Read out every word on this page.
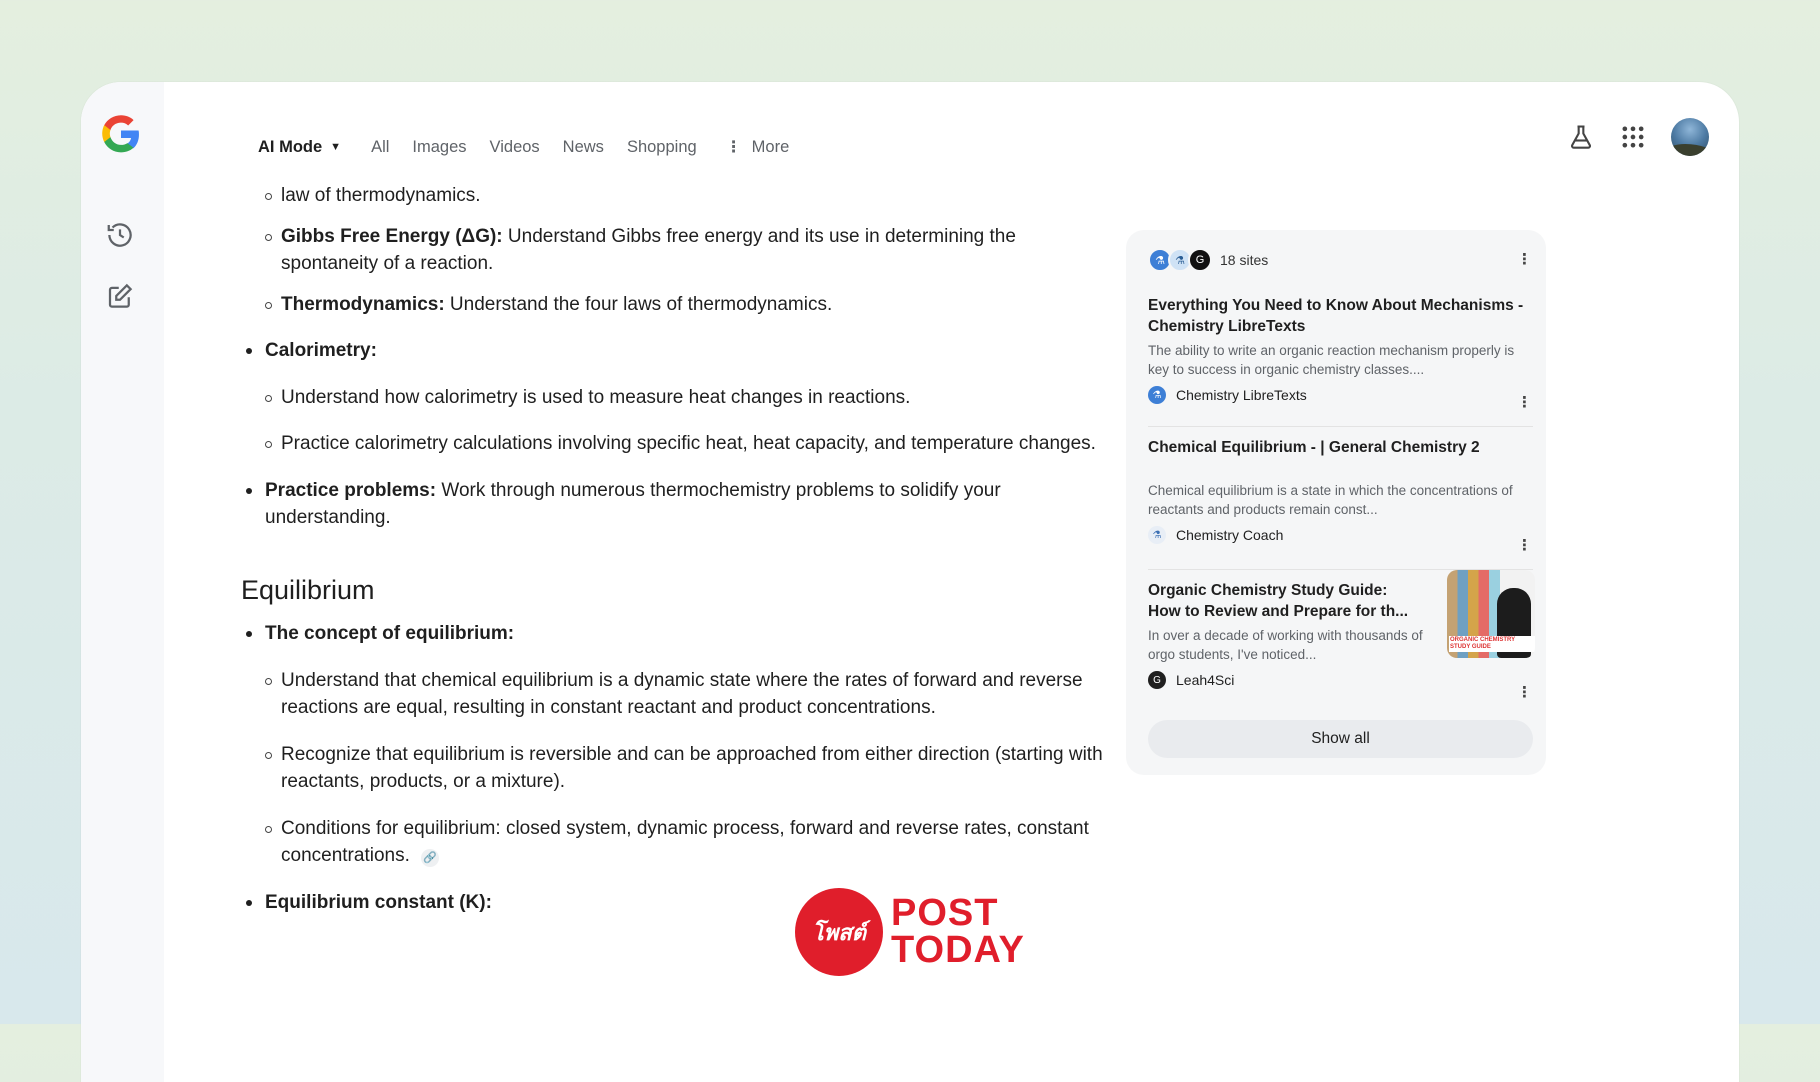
AI Mode ▼ All Images Videos News Shopping ⋮ More

law of thermodynamics.

Gibbs Free Energy (ΔG): Understand Gibbs free energy and its use in determining the spontaneity of a reaction.

Thermodynamics: Understand the four laws of thermodynamics.

Calorimetry:

Understand how calorimetry is used to measure heat changes in reactions.

Practice calorimetry calculations involving specific heat, heat capacity, and temperature changes.

Practice problems: Work through numerous thermochemistry problems to solidify your understanding.

Equilibrium

The concept of equilibrium:

Understand that chemical equilibrium is a dynamic state where the rates of forward and reverse reactions are equal, resulting in constant reactant and product concentrations.

Recognize that equilibrium is reversible and can be approached from either direction (starting with reactants, products, or a mixture).

Conditions for equilibrium: closed system, dynamic process, forward and reverse rates, constant concentrations. 🔗

Equilibrium constant (K):

⚗ ⚗ G	18 sites	⋮
Everything You Need to Know About Mechanisms - Chemistry LibreTexts
The ability to write an organic reaction mechanism properly is key to success in organic chemistry classes....
⚗	Chemistry LibreTexts	⋮
Chemical Equilibrium - | General Chemistry 2
Chemical equilibrium is a state in which the concentrations of reactants and products remain const...
⚗	Chemistry Coach
⋮
Organic Chemistry Study Guide: How to Review and Prepare for th...
In over a decade of working with thousands of orgo students, I've noticed...
G	Leah4Sci
ORGANIC CHEMISTRY STUDY GUIDE
⋮
Show all
โพสต์ POST
TODAY
